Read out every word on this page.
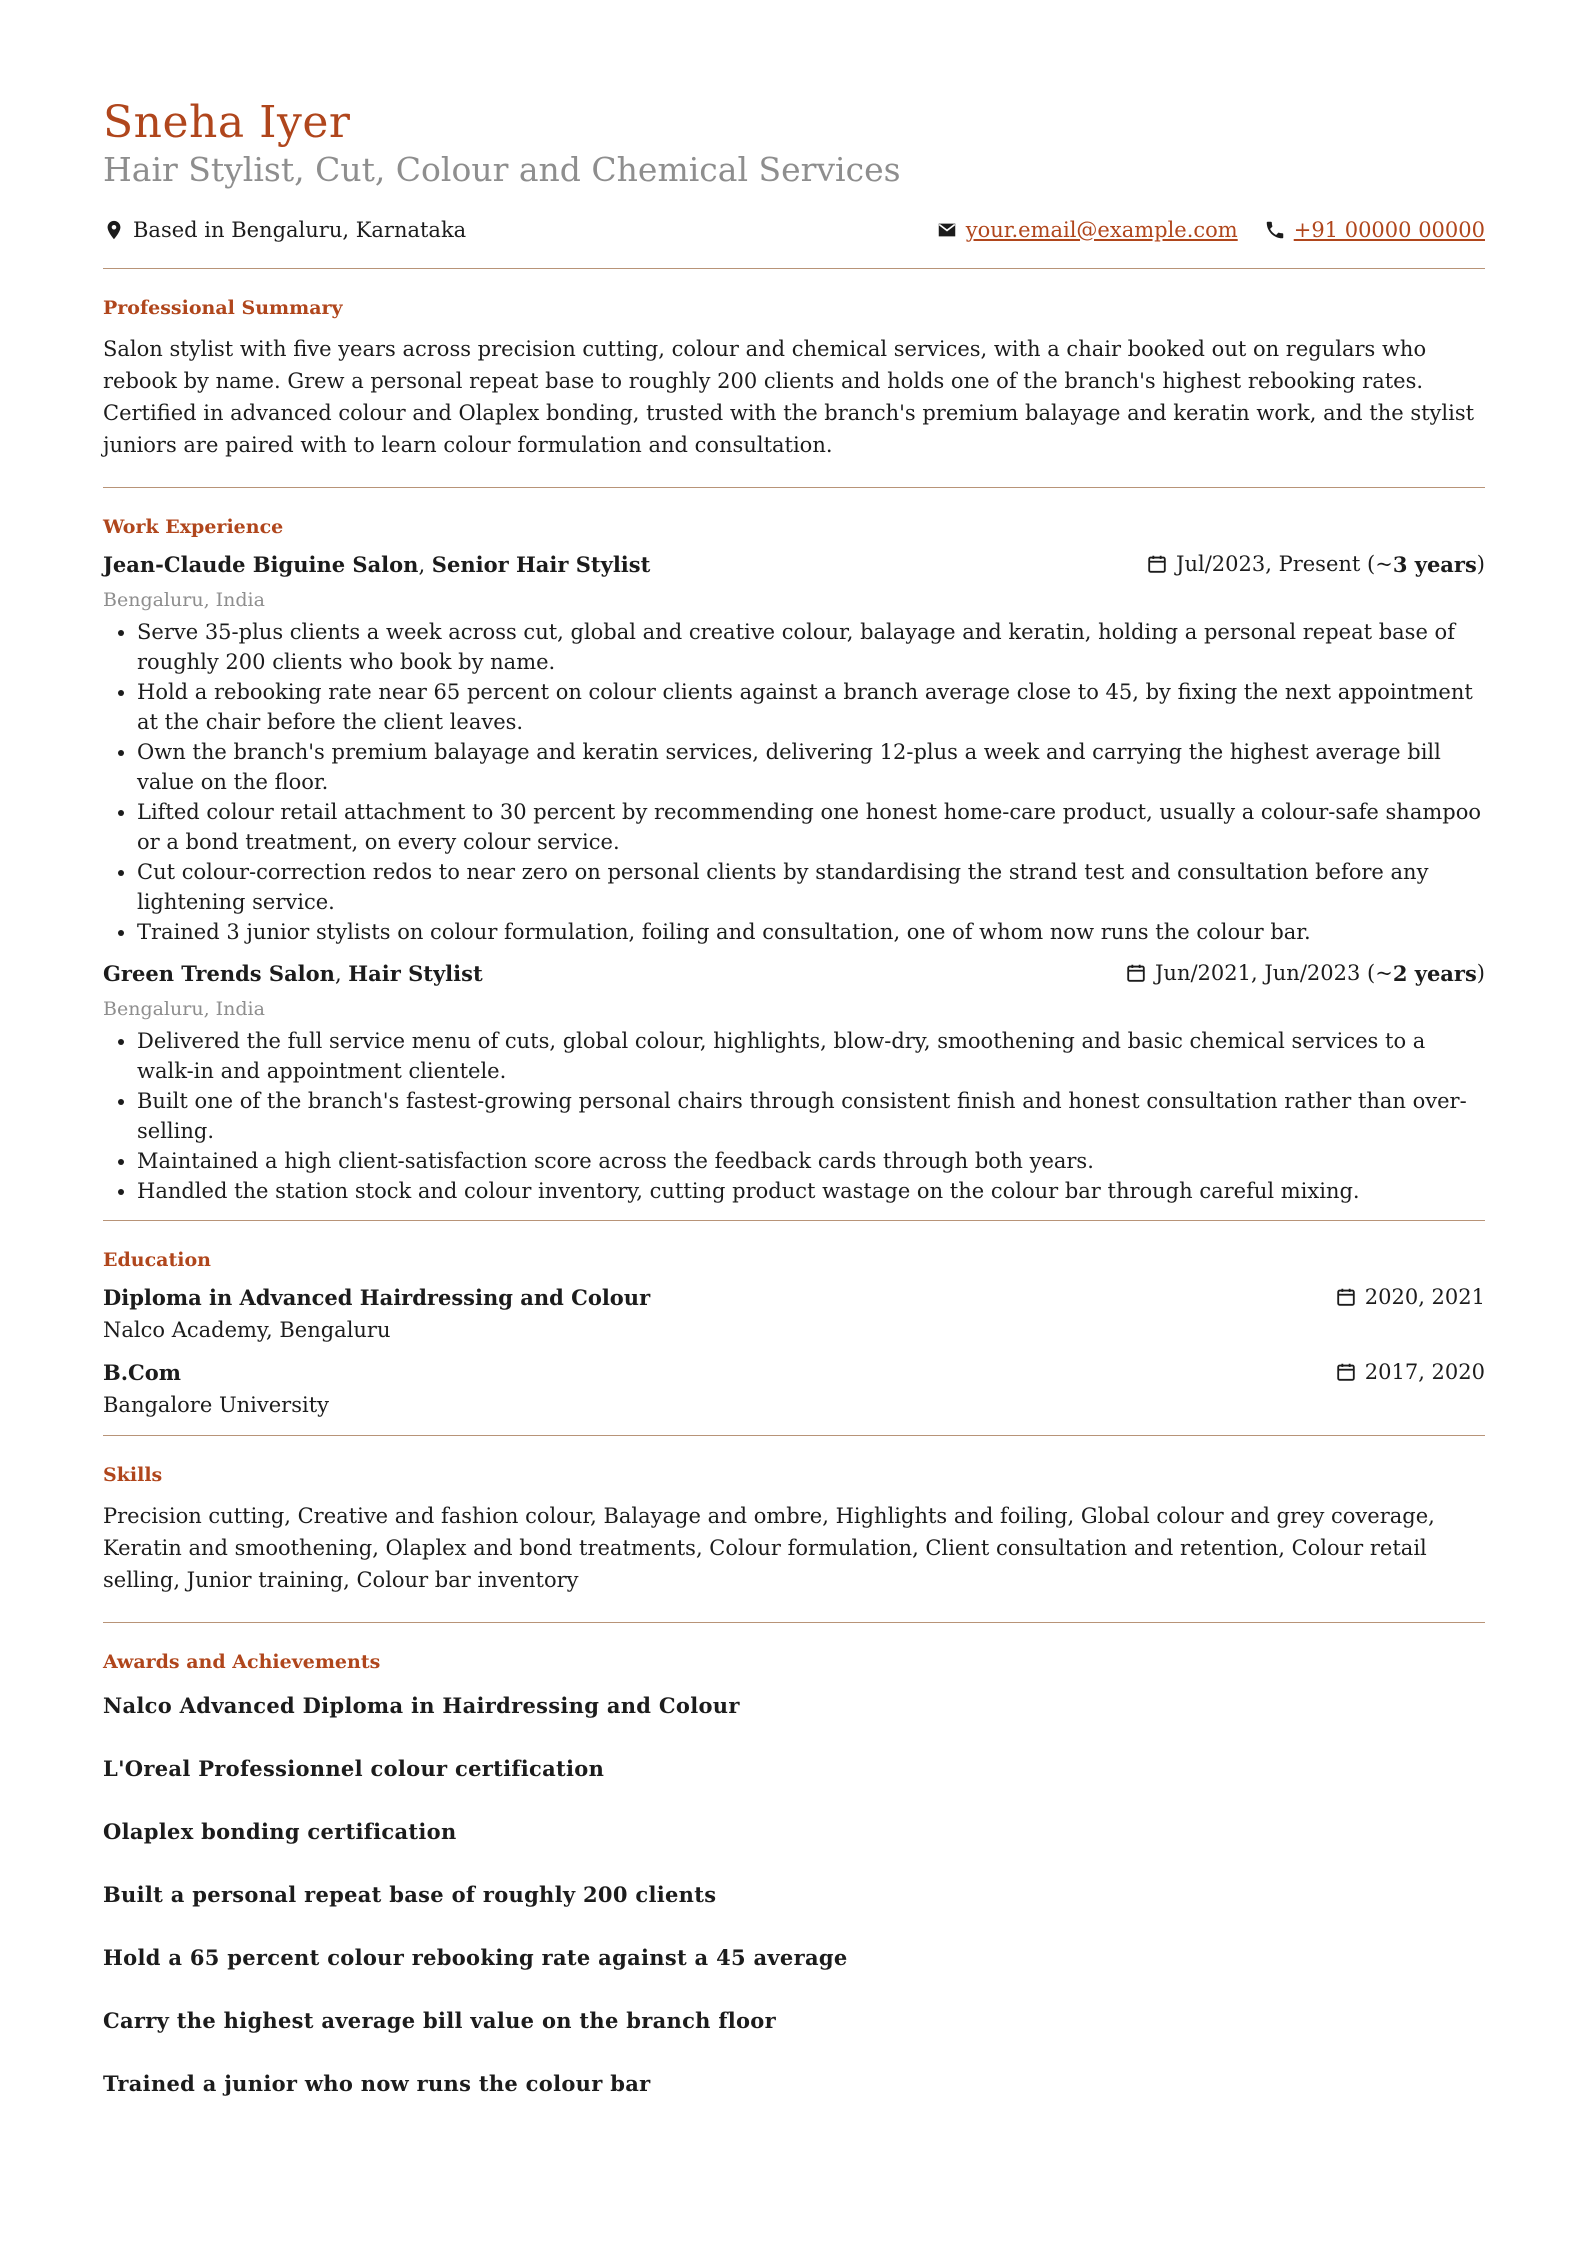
Sneha Iyer
Hair Stylist, Cut, Colour and Chemical Services
Based in Bengaluru, Karnataka	your.email@example.com	+91 00000 00000
Professional Summary

Salon stylist with five years across precision cutting, colour and chemical services, with a chair booked out on regulars who rebook by name. Grew a personal repeat base to roughly 200 clients and holds one of the branch's highest rebooking rates. Certified in advanced colour and Olaplex bonding, trusted with the branch's premium balayage and keratin work, and the stylist juniors are paired with to learn colour formulation and consultation.

Work Experience
Jean-Claude Biguine Salon, Senior Hair Stylist	Jul/2023, Present (~ 3 years )
Bengaluru, India
• Serve 35-plus clients a week across cut, global and creative colour, balayage and keratin, holding a personal repeat base of roughly 200 clients who book by name.
• Hold a rebooking rate near 65 percent on colour clients against a branch average close to 45, by fixing the next appointment at the chair before the client leaves.
• Own the branch's premium balayage and keratin services, delivering 12-plus a week and carrying the highest average bill value on the floor.
• Lifted colour retail attachment to 30 percent by recommending one honest home-care product, usually a colour-safe shampoo or a bond treatment, on every colour service.
• Cut colour-correction redos to near zero on personal clients by standardising the strand test and consultation before any lightening service.
• Trained 3 junior stylists on colour formulation, foiling and consultation, one of whom now runs the colour bar.
Green Trends Salon, Hair Stylist	Jun/2021, Jun/2023 (~ 2 years )
Bengaluru, India
• Delivered the full service menu of cuts, global colour, highlights, blow-dry, smoothening and basic chemical services to a walk-in and appointment clientele.
• Built one of the branch's fastest-growing personal chairs through consistent finish and honest consultation rather than over-selling.
• Maintained a high client-satisfaction score across the feedback cards through both years.
• Handled the station stock and colour inventory, cutting product wastage on the colour bar through careful mixing.
Education
Diploma in Advanced Hairdressing and Colour	2020, 2021
Nalco Academy, Bengaluru
B.Com	2017, 2020
Bangalore University
Skills

Precision cutting, Creative and fashion colour, Balayage and ombre, Highlights and foiling, Global colour and grey coverage, Keratin and smoothening, Olaplex and bond treatments, Colour formulation, Client consultation and retention, Colour retail selling, Junior training, Colour bar inventory

Awards and Achievements
Nalco Advanced Diploma in Hairdressing and Colour
L'Oreal Professionnel colour certification
Olaplex bonding certification
Built a personal repeat base of roughly 200 clients
Hold a 65 percent colour rebooking rate against a 45 average
Carry the highest average bill value on the branch floor
Trained a junior who now runs the colour bar
